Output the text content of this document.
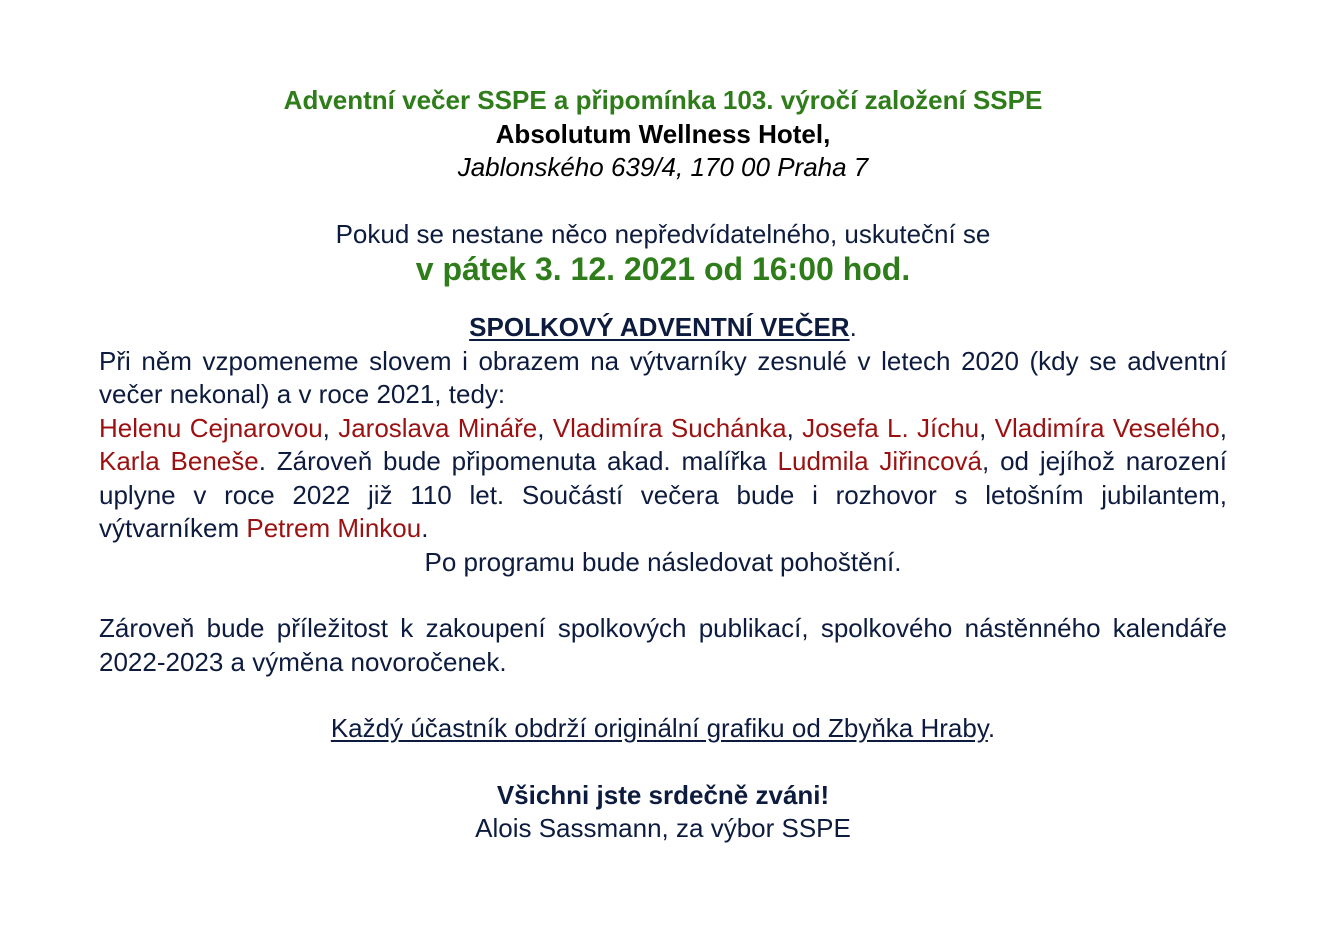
Adventní večer SSPE a připomínka 103. výročí založení SSPE

Absolutum Wellness Hotel,

Jablonského 639/4, 170 00 Praha 7

Pokud se nestane něco nepředvídatelného, uskuteční se

v pátek 3. 12. 2021 od 16:00 hod.

SPOLKOVÝ ADVENTNÍ VEČER.

Při něm vzpomeneme slovem i obrazem na výtvarníky zesnulé v letech 2020 (kdy se adventní večer nekonal) a v roce 2021, tedy:

Helenu Cejnarovou, Jaroslava Mináře, Vladimíra Suchánka, Josefa L. Jíchu, Vladimíra Veselého, Karla Beneše. Zároveň bude připomenuta akad. malířka Ludmila Jiřincová, od jejíhož narození uplyne v roce 2022 již 110 let. Součástí večera bude i rozhovor s letošním jubilantem, výtvarníkem Petrem Minkou.

Po programu bude následovat pohoštění.

Zároveň bude příležitost k zakoupení spolkových publikací, spolkového nástěnného kalendáře 2022-2023 a výměna novoročenek.

Každý účastník obdrží originální grafiku od Zbyňka Hraby.

Všichni jste srdečně zváni!

Alois Sassmann, za výbor SSPE
